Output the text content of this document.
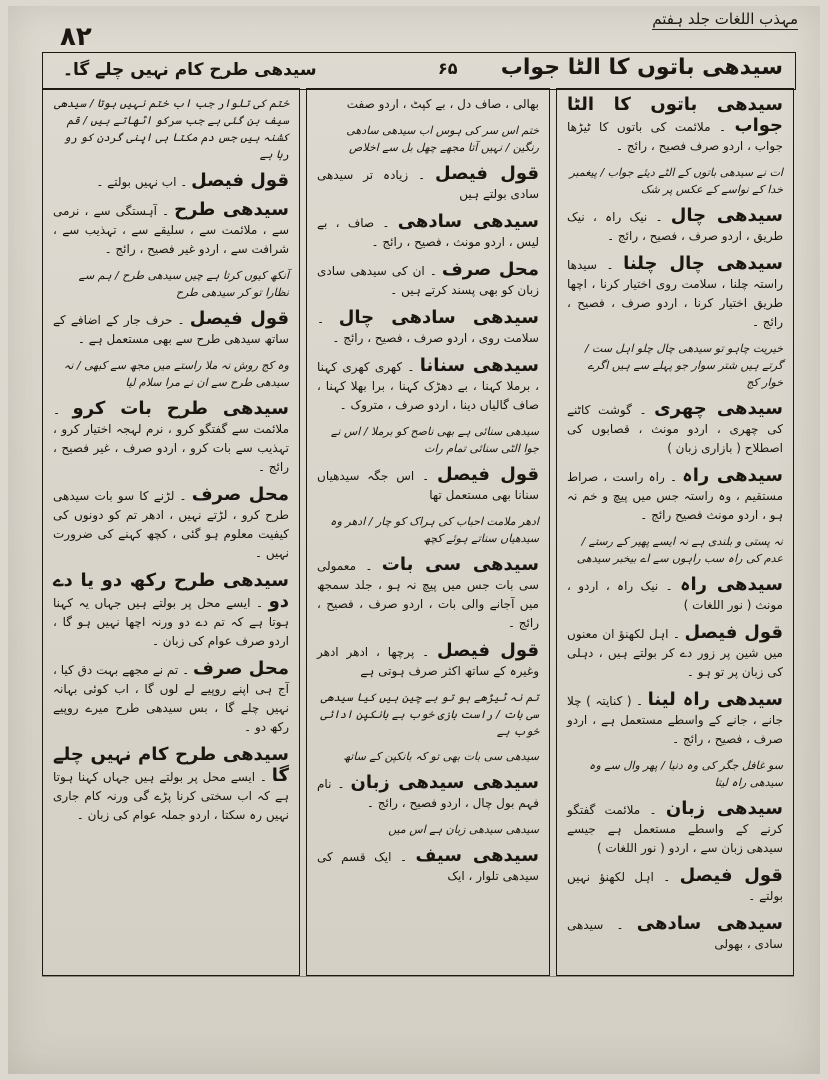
۸۲
مہذب اللغات جلد ہفتم
سیدھی باتوں کا الٹا جواب
۶۵
سیدھی طرح کام نہیں چلے گا۔
سیدھی باتوں کا الٹا جواب ۔ ملائمت کی باتوں کا ٹیڑھا جواب ، اردو صرف فصیح ، رائج ۔
ات نے سیدھی باتوں کے الٹے دیئے جواب / پیغمبر خدا کے نواسے کے عکس پر شک
سیدھی چال ۔ نیک راہ ، نیک طریق ، اردو صرف ، فصیح ، رائج ۔
سیدھی چال چلنا ۔ سیدھا راستہ چلنا ، سلامت روی اختیار کرنا ، اچھا طریق اختیار کرنا ، اردو صرف ، فصیح ، رائج ۔
خیریت چاہو تو سیدھی چال چلو اہل ست / گرتے ہیں شتر سوار جو پہلے سے ہیں اگرے خوار کج
سیدھی چھری ۔ گوشت کاٹنے کی چھری ، اردو مونث ، قصابوں کی اصطلاح ( بازاری زبان )
سیدھی راہ ۔ راہ راست ، صراط مستقیم ، وہ راستہ جس میں پیچ و خم نہ ہو ، اردو مونث فصیح رائج ۔
نہ پستی و بلندی ہے نہ ایسے پھیر کے رستے / عدم کی راہ سب راہوں سے اے بیخبر سیدھی
سیدھی راہ ۔ نیک راہ ، اردو ، مونث ( نور اللغات )
قول فیصل ۔ اہل لکھنؤ ان معنوں میں شین پر زور دے کر بولتے ہیں ، دہلی کی زبان پر تو ہو ۔
سیدھی راہ لینا ۔ ( کنایتہ ) چلا جانے ، جانے کے واسطے مستعمل ہے ، اردو صرف ، فصیح ، رائج ۔
سو غافل جگر کی وہ دنیا / پھر وال سے وہ سیدھی راہ لیتا
سیدھی زبان ۔ ملائمت گفتگو کرنے کے واسطے مستعمل ہے جیسے سیدھی زبان سے ، اردو ( نور اللغات )
قول فیصل ۔ اہل لکھنؤ نہیں بولتے ۔
سیدھی سادھی ۔ سیدھی سادی ، بھولی
بھالی ، صاف دل ، بے کپٹ ، اردو صفت
ختم اس سر کی ہوس اب سیدھی سادھی رنگین / نہیں آتا مجھے چھل بل سے اخلاص
قول فیصل ۔ زیادہ تر سیدھی سادی بولتے ہیں
سیدھی سادھی ۔ صاف ، بے لیس ، اردو مونث ، فصیح ، رائج ۔
محل صرف ۔ ان کی سیدھی سادی زبان کو بھی پسند کرتے ہیں ۔
سیدھی سادھی چال ۔ سلامت روی ، اردو صرف ، فصیح ، رائج ۔
سیدھی سنانا ۔ کھری کھری کہنا ، برملا کہنا ، بے دھڑک کہنا ، برا بھلا کہنا ، صاف گالیاں دینا ، اردو صرف ، متروک ۔
سیدھی سنائی ہے بھی ناصح کو برملا / اس نے جوا الٹی سنائی تمام رات
قول فیصل ۔ اس جگہ سیدھیاں سنانا بھی مستعمل تھا
ادھر ملامت احباب کی ہراک کو چار / ادھر وہ سیدھیاں سناتے ہوئے کچھ
سیدھی سی بات ۔ معمولی سی بات جس میں پیچ نہ ہو ، جلد سمجھ میں آجانے والی بات ، اردو صرف ، فصیح ، رائج ۔
قول فیصل ۔ پرچھا ، ادھر ادھر وغیرہ کے ساتھ اکثر صرف ہوتی ہے
تم نہ ٹیڑھے ہو تو بے چین ہیں کیا سیدھی سی بات / راست بازی خوب ہے بانکپن ادائی خوب ہے
سیدھی سی بات بھی تو کہ بانکپن کے ساتھ
سیدھی سیدھی زبان ۔ نام فہم بول چال ، اردو فصیح ، رائج ۔
سیدھی سیدھی زبان ہے اس میں
سیدھی سیف ۔ ایک قسم کی سیدھی تلوار ، ایک
ختم کی تلوار جب اب ختم نہیں ہوتا / سیدھی سیف بن گئی ہے جب سرکو اٹھاتے ہیں / قم کشنہ ہیں جس دم مکتا ہی اپنی گردن کو رو رہا ہے
قول فیصل ۔ اب نہیں بولتے ۔
سیدھی طرح ۔ آہستگی سے ، نرمی سے ، ملائمت سے ، سلیقے سے ، تہذیب سے ، شرافت سے ، اردو غیر فصیح ، رائج ۔
آنکھ کیوں کرتا ہے چیں سیدھی طرح / ہم سے نظارا تو کر سیدھی طرح
قول فیصل ۔ حرف جار کے اضافے کے ساتھ سیدھی طرح سے بھی مستعمل ہے ۔
وہ کج روش نہ ملا راستے میں مجھ سے کبھی / نہ سیدھی طرح سے ان نے مرا سلام لیا
سیدھی طرح بات کرو ۔ ملائمت سے گفتگو کرو ، نرم لہجہ اختیار کرو ، تہذیب سے بات کرو ، اردو صرف ، غیر فصیح ، رائج ۔
محل صرف ۔ لڑنے کا سو بات سیدھی طرح کرو ، لڑتے نہیں ، ادھر تم کو دونوں کی کیفیت معلوم ہو گئی ، کچھ کہنے کی ضرورت نہیں ۔
سیدھی طرح رکھ دو یا دے دو ۔ ایسے محل پر بولتے ہیں جہاں یہ کہنا ہوتا ہے کہ تم دے دو ورنہ اچھا نہیں ہو گا ، اردو صرف عوام کی زبان ۔
محل صرف ۔ تم نے مجھے بہت دق کیا ، آج ہی اپنے روپیے لے لوں گا ، اب کوئی بہانہ نہیں چلے گا ، بس سیدھی طرح میرے روپیے رکھ دو ۔
سیدھی طرح کام نہیں چلے گا ۔ ایسے محل پر بولتے ہیں جہاں کہنا ہوتا ہے کہ اب سختی کرنا پڑے گی ورنہ کام جاری نہیں رہ سکتا ، اردو جملہ عوام کی زبان ۔
